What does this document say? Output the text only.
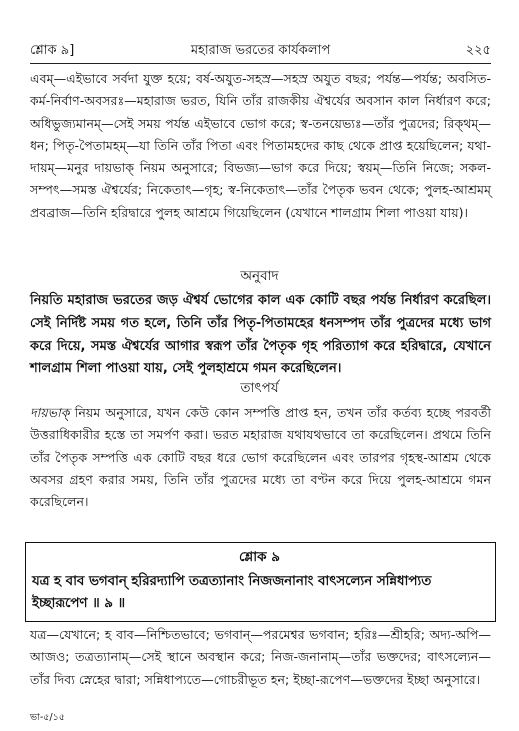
শ্লোক ৯]	মহারাজ ভরতের কার্যকলাপ	২২৫
এবম্—এইভাবে সর্বদা যুক্ত হয়ে; বর্ষ-অযুত-সহস্র—সহস্র অযুত বছর; পর্যন্ত—পর্যন্ত; অবসিত-কর্ম-নির্বাণ-অবসরঃ—মহারাজ ভরত, যিনি তাঁর রাজকীয় ঐশ্বর্যের অবসান কাল নির্ধারণ করে; অধিভুজ্যমানম্—সেই সময় পর্যন্ত এইভাবে ভোগ করে; স্ব-তনয়েভ্যঃ—তাঁর পুত্রদের; রিক্থম্—ধন; পিতৃ-পৈতামহম্—যা তিনি তাঁর পিতা এবং পিতামহদের কাছ থেকে প্রাপ্ত হয়েছিলেন; যথা-দায়ম্—মনুর দায়ভাক্ নিয়ম অনুসারে; বিভজ্য—ভাগ করে দিয়ে; স্বয়ম্—তিনি নিজে; সকল-সম্পৎ—সমস্ত ঐশ্বর্যের; নিকেতাৎ—গৃহ; স্ব-নিকেতাৎ—তাঁর পৈতৃক ভবন থেকে; পুলহ-আশ্রমম্ প্রবব্রাজ—তিনি হরিদ্বারে পুলহ আশ্রমে গিয়েছিলেন (যেখানে শালগ্রাম শিলা পাওয়া যায়)।
অনুবাদ
নিয়তি মহারাজ ভরতের জড় ঐশ্বর্য ভোগের কাল এক কোটি বছর পর্যন্ত নির্ধারণ করেছিল। সেই নির্দিষ্ট সময় গত হলে, তিনি তাঁর পিতৃ-পিতামহের ধনসম্পদ তাঁর পুত্রদের মধ্যে ভাগ করে দিয়ে, সমস্ত ঐশ্বর্যের আগার স্বরূপ তাঁর পৈতৃক গৃহ পরিত্যাগ করে হরিদ্বারে, যেখানে শালগ্রাম শিলা পাওয়া যায়, সেই পুলহাশ্রমে গমন করেছিলেন।
তাৎপর্য
দায়ভাক্ নিয়ম অনুসারে, যখন কেউ কোন সম্পত্তি প্রাপ্ত হন, তখন তাঁর কর্তব্য হচ্ছে পরবর্তী উত্তরাধিকারীর হস্তে তা সমর্পণ করা। ভরত মহারাজ যথাযথভাবে তা করেছিলেন। প্রথমে তিনি তাঁর পৈতৃক সম্পত্তি এক কোটি বছর ধরে ভোগ করেছিলেন এবং তারপর গৃহস্থ-আশ্রম থেকে অবসর গ্রহণ করার সময়, তিনি তাঁর পুত্রদের মধ্যে তা বণ্টন করে দিয়ে পুলহ-আশ্রমে গমন করেছিলেন।
শ্লোক ৯
যত্র হ বাব ভগবান্ হরিরদ্যাপি তত্রত্যানাং নিজজনানাং বাৎসল্যেন সন্নিধাপ্যত ইচ্ছারূপেণ ॥ ৯ ॥
যত্র—যেখানে; হ বাব—নিশ্চিতভাবে; ভগবান্—পরমেশ্বর ভগবান; হরিঃ—শ্রীহরি; অদ্য-অপি—আজও; তত্রত্যানাম্—সেই স্থানে অবস্থান করে; নিজ-জনানাম্—তাঁর ভক্তদের; বাৎসল্যেন—তাঁর দিব্য স্নেহের দ্বারা; সন্নিধাপ্যতে—গোচরীভূত হন; ইচ্ছা-রূপেণ—ভক্তদের ইচ্ছা অনুসারে।
ভা-৫/১৫
